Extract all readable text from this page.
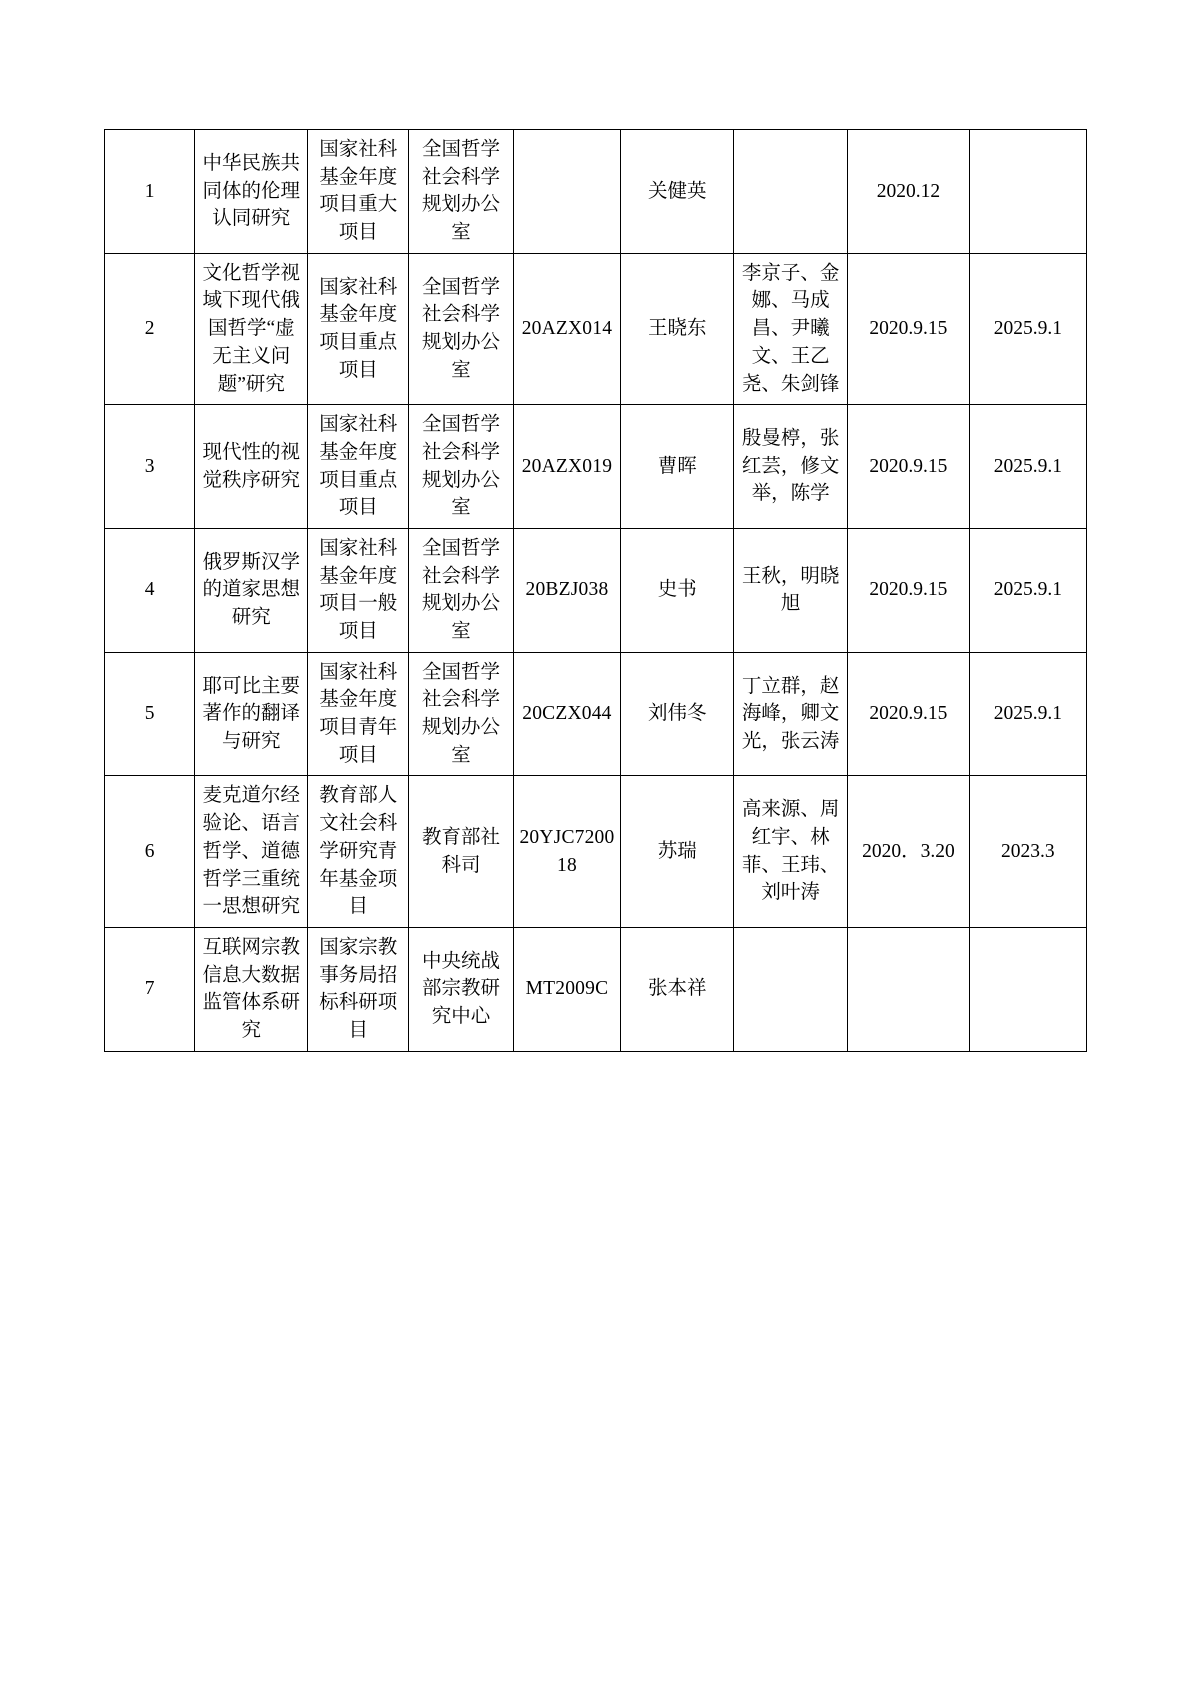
1	中华民族共同体的伦理认同研究	国家社科基金年度项目重大项目	全国哲学社会科学规划办公室		关健英		2020.12	
2	文化哲学视域下现代俄国哲学“虚无主义问题”研究	国家社科基金年度项目重点项目	全国哲学社会科学规划办公室	20AZX014	王晓东	李京子、金娜、马成昌、尹曦文、王乙尧、朱剑锋	2020.9.15	2025.9.1
3	现代性的视觉秩序研究	国家社科基金年度项目重点项目	全国哲学社会科学规划办公室	20AZX019	曹晖	殷曼楟，张红芸，修文举，陈学	2020.9.15	2025.9.1
4	俄罗斯汉学的道家思想研究	国家社科基金年度项目一般项目	全国哲学社会科学规划办公室	20BZJ038	史书	王秋，明晓旭	2020.9.15	2025.9.1
5	耶可比主要著作的翻译与研究	国家社科基金年度项目青年项目	全国哲学社会科学规划办公室	20CZX044	刘伟冬	丁立群，赵海峰，卿文光，张云涛	2020.9.15	2025.9.1
6	麦克道尔经验论、语言哲学、道德哲学三重统一思想研究	教育部人文社会科学研究青年基金项目	教育部社科司	20YJC720018	苏瑞	高来源、周红宇、林菲、王玮、刘叶涛	2020．3.20	2023.3
7	互联网宗教信息大数据监管体系研究	国家宗教事务局招标科研项目	中央统战部宗教研究中心	MT2009C	张本祥			
